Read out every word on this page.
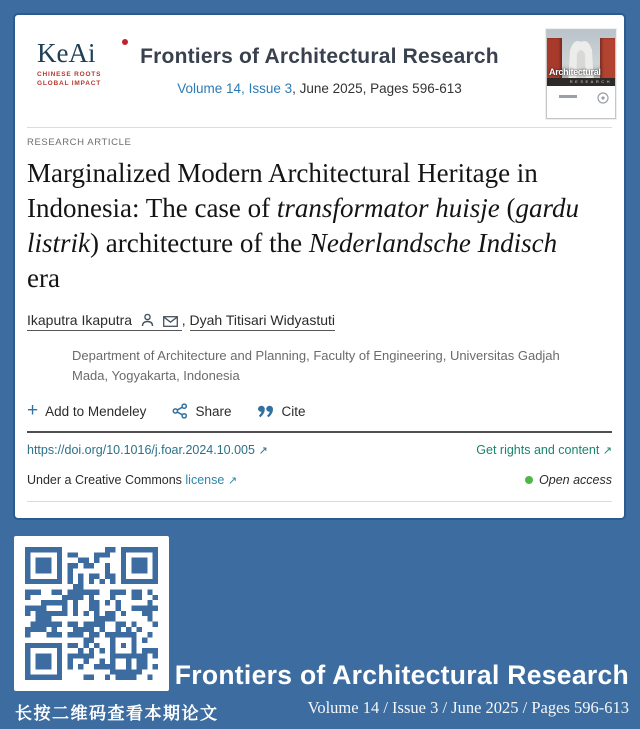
KeAi
CHINESE ROOTS
GLOBAL IMPACT
Frontiers of Architectural Research
Volume 14, Issue 3, June 2025, Pages 596-613
Architectural
RESEARCH
RESEARCH ARTICLE
Marginalized Modern Architectural Heritage in Indonesia: The case of transformator huisje (gardu listrik) architecture of the Nederlandsche Indisch era
Ikaputra Ikaputra	, Dyah Titisari Widyastuti

Department of Architecture and Planning, Faculty of Engineering, Universitas Gadjah Mada, Yogyakarta, Indonesia

+ Add to Mendeley	Share	Cite
https://doi.org/10.1016/j.foar.2024.10.005 ↗	Get rights and content ↗
Under a Creative Commons license ↗	Open access
长按二维码查看本期论文
Frontiers of Architectural Research
Volume 14 / Issue 3 / June 2025 / Pages 596-613
